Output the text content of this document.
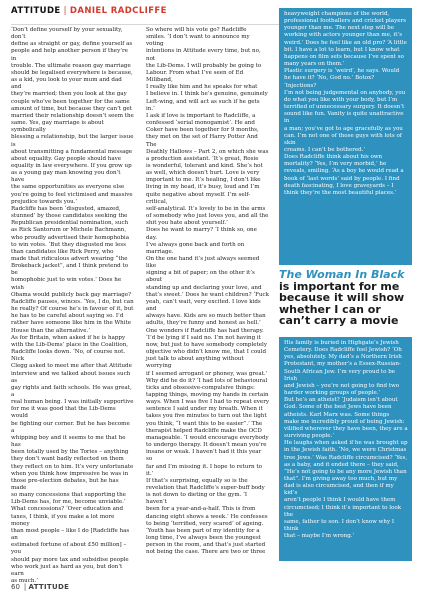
ATTITUDE | DANIEL RADCLIFFE

‘Don’t define yourself by your sexuality, don’t
define as straight or gay, define yourself as
people and help another person if they’re in
trouble. The ultimate reason gay marriage
should be legalised everywhere is because,
as a kid, you look to your mum and dad and
they’re married; then you look at the gay
couple who’ve been together for the same
amount of time, but because they can’t get
married their relationship doesn’t seem the
same. Yes, gay marriage is about symbolically
blessing a relationship, but the larger issue is
about transmitting a fundamental message
about equality. Gay people should have
equality in law everywhere. If you grow up
as a young gay man knowing you don’t have
the same opportunities as everyone else
you’re going to feel victimised and massive
prejudice towards you.’
Radcliffe has been ‘disgusted, amazed,
stunned’ by those candidates seeking the
Republican presidential nomination, such
as Rick Santorum or Michele Bachmann,
who proudly advertised their homophobia
to win votes. ‘But they disgusted me less
than candidates like Rick Perry, who
made that ridiculous advert wearing “the
Brokeback jacket”, and I think pretend to be
homophobic just to win votes.’ Does he wish
Obama would publicly back gay marriage?
Radcliffe pauses, winces. ‘Yes, I do, but can
he really? Of course he’s in favour of it, but
he has to be careful about saying so. I’d
rather have someone like him in the White
House than the alternative.’
As for Britain, when asked if he is happy
with the Lib-Dems’ place in the Coalition,
Radcliffe looks down. ‘No, of course not. Nick
Clegg asked to meet me after that Attitude
interview and we talked about issues such as
gay rights and faith schools. He was great, a
real human being. I was initially supportive
for me it was good that the Lib-Dems would
be fighting our corner. But he has become a
whipping boy and it seems to me that he has
been totally used by the Tories – anything
they don’t want badly reflected on them
they reflect on to him. It’s very unfortunate
when you think how impressive he was in
those pre-election debates, but he has made
so many concessions that supporting the
Lib-Dems has, for me, become unviable.’
What concessions? ‘Over education and
taxes, I think, if you make a lot more money
than most people – like I do [Radcliffe has an
estimated fortune of about £50 million] – you
should pay more tax and subsidise people
who work just as hard as you, but don’t earn
as much.’

So where will his vote go? Radcliffe
smiles. ‘I don’t want to announce my voting
intentions in Attitude every time, but no, not
the Lib-Dems. I will probably be going to
Labour. From what I’ve seen of Ed Miliband,
I really like him and he speaks for what
I believe in. I think he’s genuine, genuinely
Left-wing, and will act as such if he gets in.’
I ask if love is important to Radcliffe, a
confessed ‘serial monogamist’. He and
Coker have been together for 9 months,
they met on the set of Harry Potter And The
Deathly Hallows – Part 2, on which she was
a production assistant. ‘It’s great, Rosie
is wonderful, tolerant and kind. She’s hot
as well, which doesn’t hurt. Love is very
important to me. It’s healing, I don’t like
living in my head, it’s busy, loud and I’m
quite negative about myself. I’m self-critical,
self-analytical. It’s lovely to be in the arms
of somebody who just loves you, and all the
shit you hate about yourself.’
Does he want to marry? ‘I think so, one day.
I’ve always gone back and forth on marriage.
On the one hand it’s just always seemed like
signing a bit of paper; on the other it’s about
standing up and declaring your love, and
that’s sweet.’ Does he want children? ‘Fuck
yeah, can’t wait, very excited. I love kids and
always have. Kids are so much better than
adults, they’re funny and honest as hell.’
One wonders if Radcliffe has had therapy.
‘I’d be lying if I said no. I’m not having it
now, but just to have somebody completely
objective who didn’t know me, that I could
just talk to about anything without worrying
if I seemed arrogant or phoney, was great.’
Why did he do it? ‘I had lots of behavioural
ticks and obsessive-compulsive things:
tapping things, moving my hands in certain
ways. When I was five I had to repeat every
sentence I said under my breath. When it
takes you five minutes to turn out the light
you think, “I want this to be easier”.’ The
therapist helped Radcliffe make the OCD
manageable. ‘I would encourage everybody
to undergo therapy. It doesn’t mean you’re
insane or weak. I haven’t had it this year so
far and I’m missing it. I hope to return to it.’
If that’s surprising, equally so is the
revelation that Radcliffe’s super-buff body
is not down to dieting or the gym. ‘I haven’t
been for a year-and-a-half. This is from
dancing eight shows a week.’ He confesses
to being ‘terrified, very scared’ of ageing.
‘Youth has been part of my identity for a
long time, I’ve always been the youngest
person in the room, and that’s just started
not being the case. There are two or three

heavyweight champions of the world,
professional footballers and cricket players
younger than me. The next step will be
working with actors younger than me, it’s
weird.’ Does he feel like an old pro? ‘A little
bit. I have a lot to learn, but I know what
happens on film sets because I’ve spent so
many years on them.’
Plastic surgery is ‘weird’, he says. Would
he have it? ‘No, God no.’ Botox? ‘Injections?
I’m not being judgemental on anybody, you
do what you like with your body, but I’m
terrified of unnecessary surgery. It doesn’t
sound like fun. Vanity is quite unattractive in
a man; you’ve got to age gracefully as you
can. I’m not one of those guys with lots of skin
creams. I can’t be bothered.’
Does Radcliffe think about his own
mortality? ‘Yes, I’m very morbid,’ he
reveals, smiling. ‘As a boy he would read a
book of ‘last words’ said by people. I find
death fascinating, I love graveyards – I
think they’re the most beautiful places.’

The Woman In Black is important for me because it will show whether I can or can’t carry a movie

His family is buried in Highgate’s Jewish
Cemetery. Does Radcliffe feel Jewish? ‘Oh
yes, absolutely. My dad’s a Northern Irish
Protestant, my mother’s a Essex-Russian-
South African Jew. I’m very proud to be Irish
and Jewish – you’re not going to find two
harder working groups of people.’
But he’s an atheist? ‘Judaism isn’t about
God. Some of the best Jews have been
atheists. Karl Marx was. Some things
make me incredibly proud of being Jewish:
vilified wherever they have been, they are a
surviving people.’
He laughs when asked if he was brought up
in the Jewish faith. ‘No, we were Christmas
tree Jews.’ Was Radcliffe circumcised? ‘Yes,
as a baby, and it ended there – they said,
“He’s not going to be any more Jewish than
that”. I’m giving away too much, but my
dad is also circumcised, and then if my kid’s
aren’t people I think I would have them
circumcised; I think it’s important to look the
same, father to son. I don’t know why I think
that – maybe I’m wrong.’

60 | ATTITUDE
